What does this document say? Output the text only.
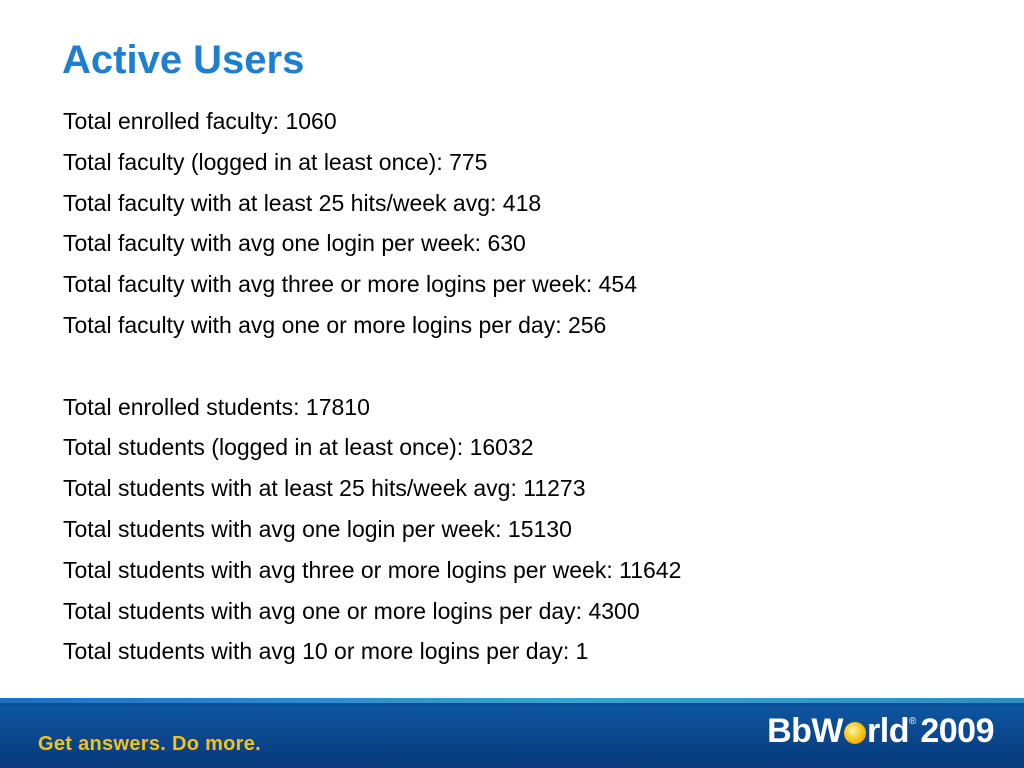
Active Users
Total enrolled faculty: 1060
Total faculty (logged in at least once): 775
Total faculty with at least 25 hits/week avg: 418
Total faculty with avg one login per week: 630
Total faculty with avg three or more logins per week: 454
Total faculty with avg one or more logins per day: 256
Total enrolled students: 17810
Total students (logged in at least once): 16032
Total students with at least 25 hits/week avg: 11273
Total students with avg one login per week: 15130
Total students with avg three or more logins per week: 11642
Total students with avg one or more logins per day: 4300
Total students with avg 10 or more logins per day: 1

Get answers. Do more.	BbW rld ® 2009
